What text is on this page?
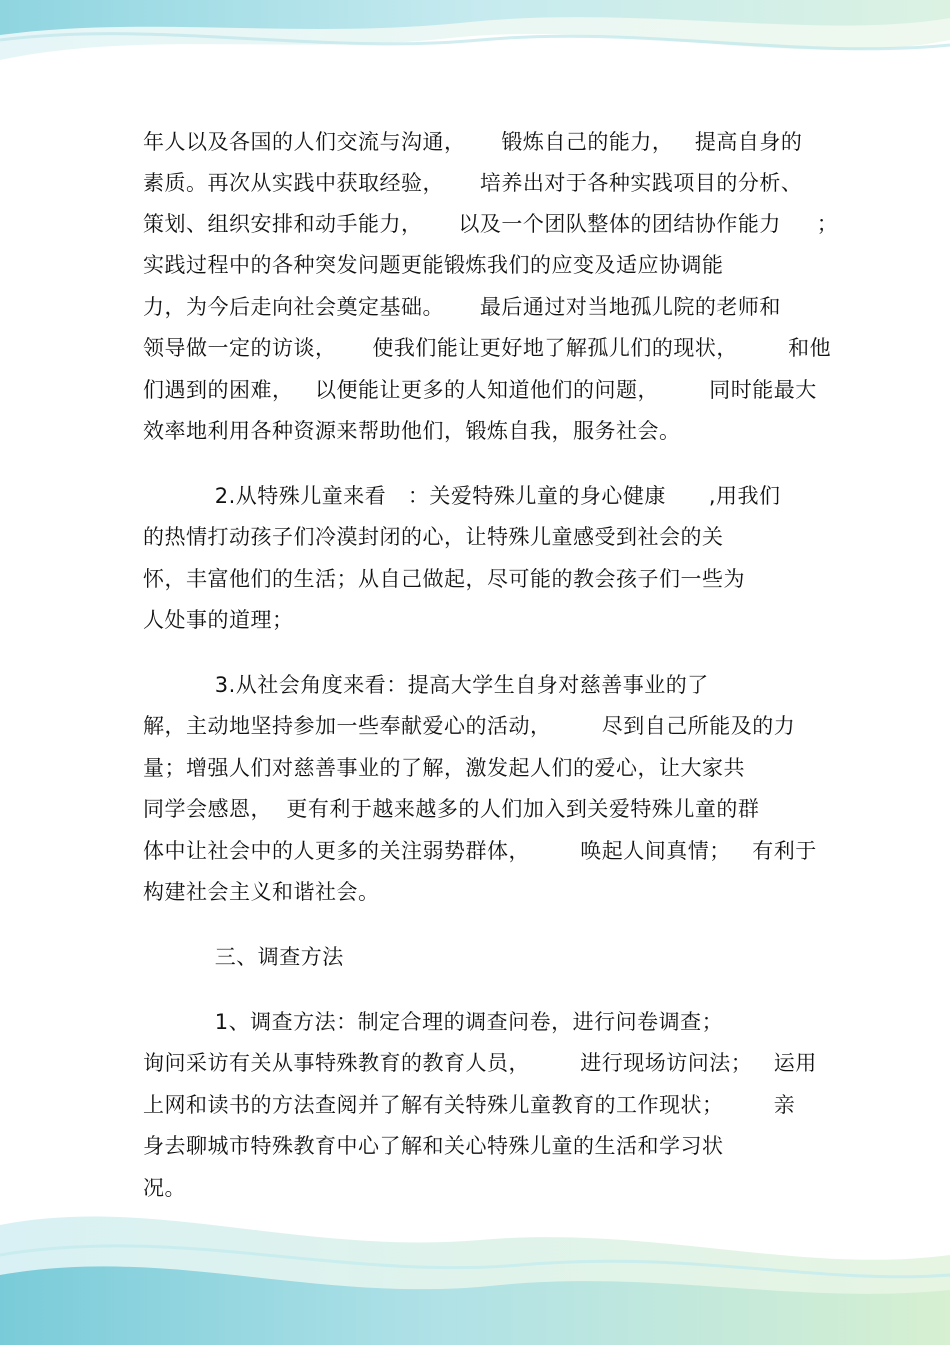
年人以及各国的人们交流与沟通，     锻炼自己的能力，   提高自身的
素质。再次从实践中获取经验，     培养出对于各种实践项目的分析、
策划、组织安排和动手能力，     以及一个团队整体的团结协作能力     ；
实践过程中的各种突发问题更能锻炼我们的应变及适应协调能
力，为今后走向社会奠定基础。     最后通过对当地孤儿院的老师和
领导做一定的访谈，     使我们能让更好地了解孤儿们的现状，       和他
们遇到的困难，   以便能让更多的人知道他们的问题，       同时能最大
效率地利用各种资源来帮助他们，锻炼自我，服务社会。
2.从特殊儿童来看   ：关爱特殊儿童的身心健康      ,用我们
的热情打动孩子们冷漠封闭的心，让特殊儿童感受到社会的关
怀，丰富他们的生活；从自己做起，尽可能的教会孩子们一些为
人处事的道理；
3.从社会角度来看：提高大学生自身对慈善事业的了
解，主动地坚持参加一些奉献爱心的活动，       尽到自己所能及的力
量；增强人们对慈善事业的了解，激发起人们的爱心，让大家共
同学会感恩，  更有利于越来越多的人们加入到关爱特殊儿童的群
体中让社会中的人更多的关注弱势群体，       唤起人间真情；   有利于
构建社会主义和谐社会。
三、调查方法
1、调查方法：制定合理的调查问卷，进行问卷调查；
询问采访有关从事特殊教育的教育人员，       进行现场访问法；   运用
上网和读书的方法查阅并了解有关特殊儿童教育的工作现状；       亲
身去聊城市特殊教育中心了解和关心特殊儿童的生活和学习状
况。
